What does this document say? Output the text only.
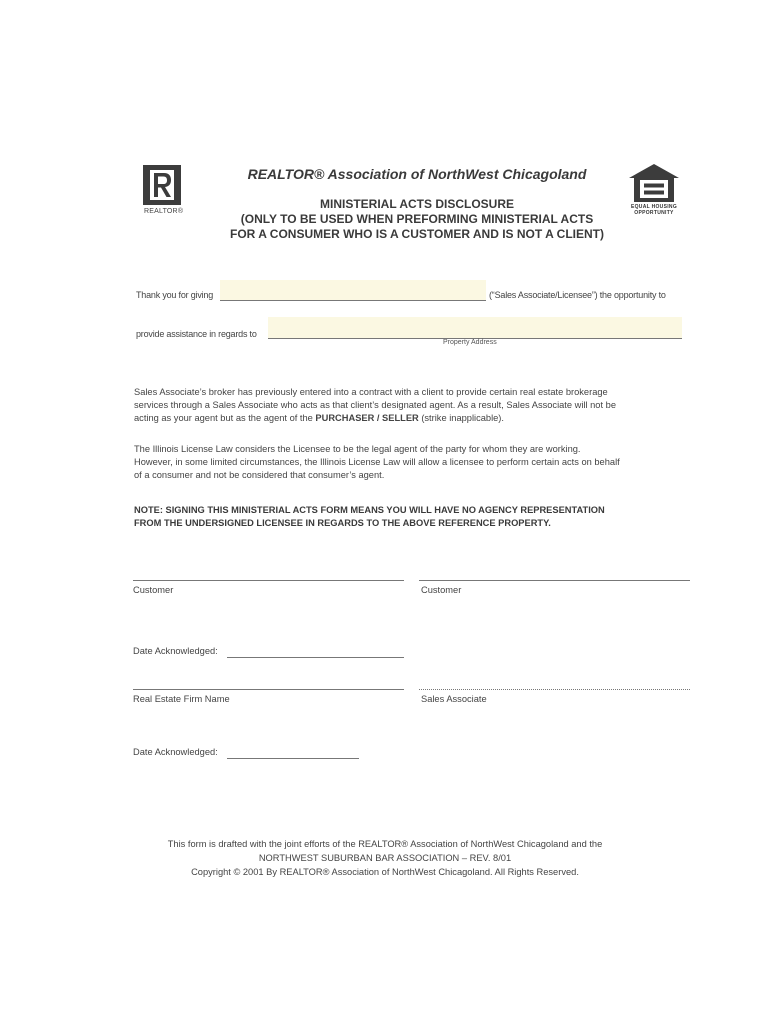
REALTOR®
EQUAL HOUSING
OPPORTUNITY
REALTOR® Association of NorthWest Chicagoland
MINISTERIAL ACTS DISCLOSURE
(ONLY TO BE USED WHEN PREFORMING MINISTERIAL ACTS
FOR A CONSUMER WHO IS A CUSTOMER AND IS NOT A CLIENT)
Thank you for giving	(“Sales Associate/Licensee”) the opportunity to
provide assistance in regards to
Property Address
Sales Associate’s broker has previously entered into a contract with a client to provide certain real estate brokerage
services through a Sales Associate who acts as that client’s designated agent. As a result, Sales Associate will not be
acting as your agent but as the agent of the PURCHASER / SELLER (strike inapplicable).
The Illinois License Law considers the Licensee to be the legal agent of the party for whom they are working.
However, in some limited circumstances, the Illinois License Law will allow a licensee to perform certain acts on behalf
of a consumer and not be considered that consumer’s agent.
NOTE: SIGNING THIS MINISTERIAL ACTS FORM MEANS YOU WILL HAVE NO AGENCY REPRESENTATION
FROM THE UNDERSIGNED LICENSEE IN REGARDS TO THE ABOVE REFERENCE PROPERTY.
Customer	Customer
Date Acknowledged:
Real Estate Firm Name	Sales Associate
Date Acknowledged:
This form is drafted with the joint efforts of the REALTOR® Association of NorthWest Chicagoland and the
NORTHWEST SUBURBAN BAR ASSOCIATION – REV. 8/01
Copyright © 2001 By REALTOR® Association of NorthWest Chicagoland. All Rights Reserved.
